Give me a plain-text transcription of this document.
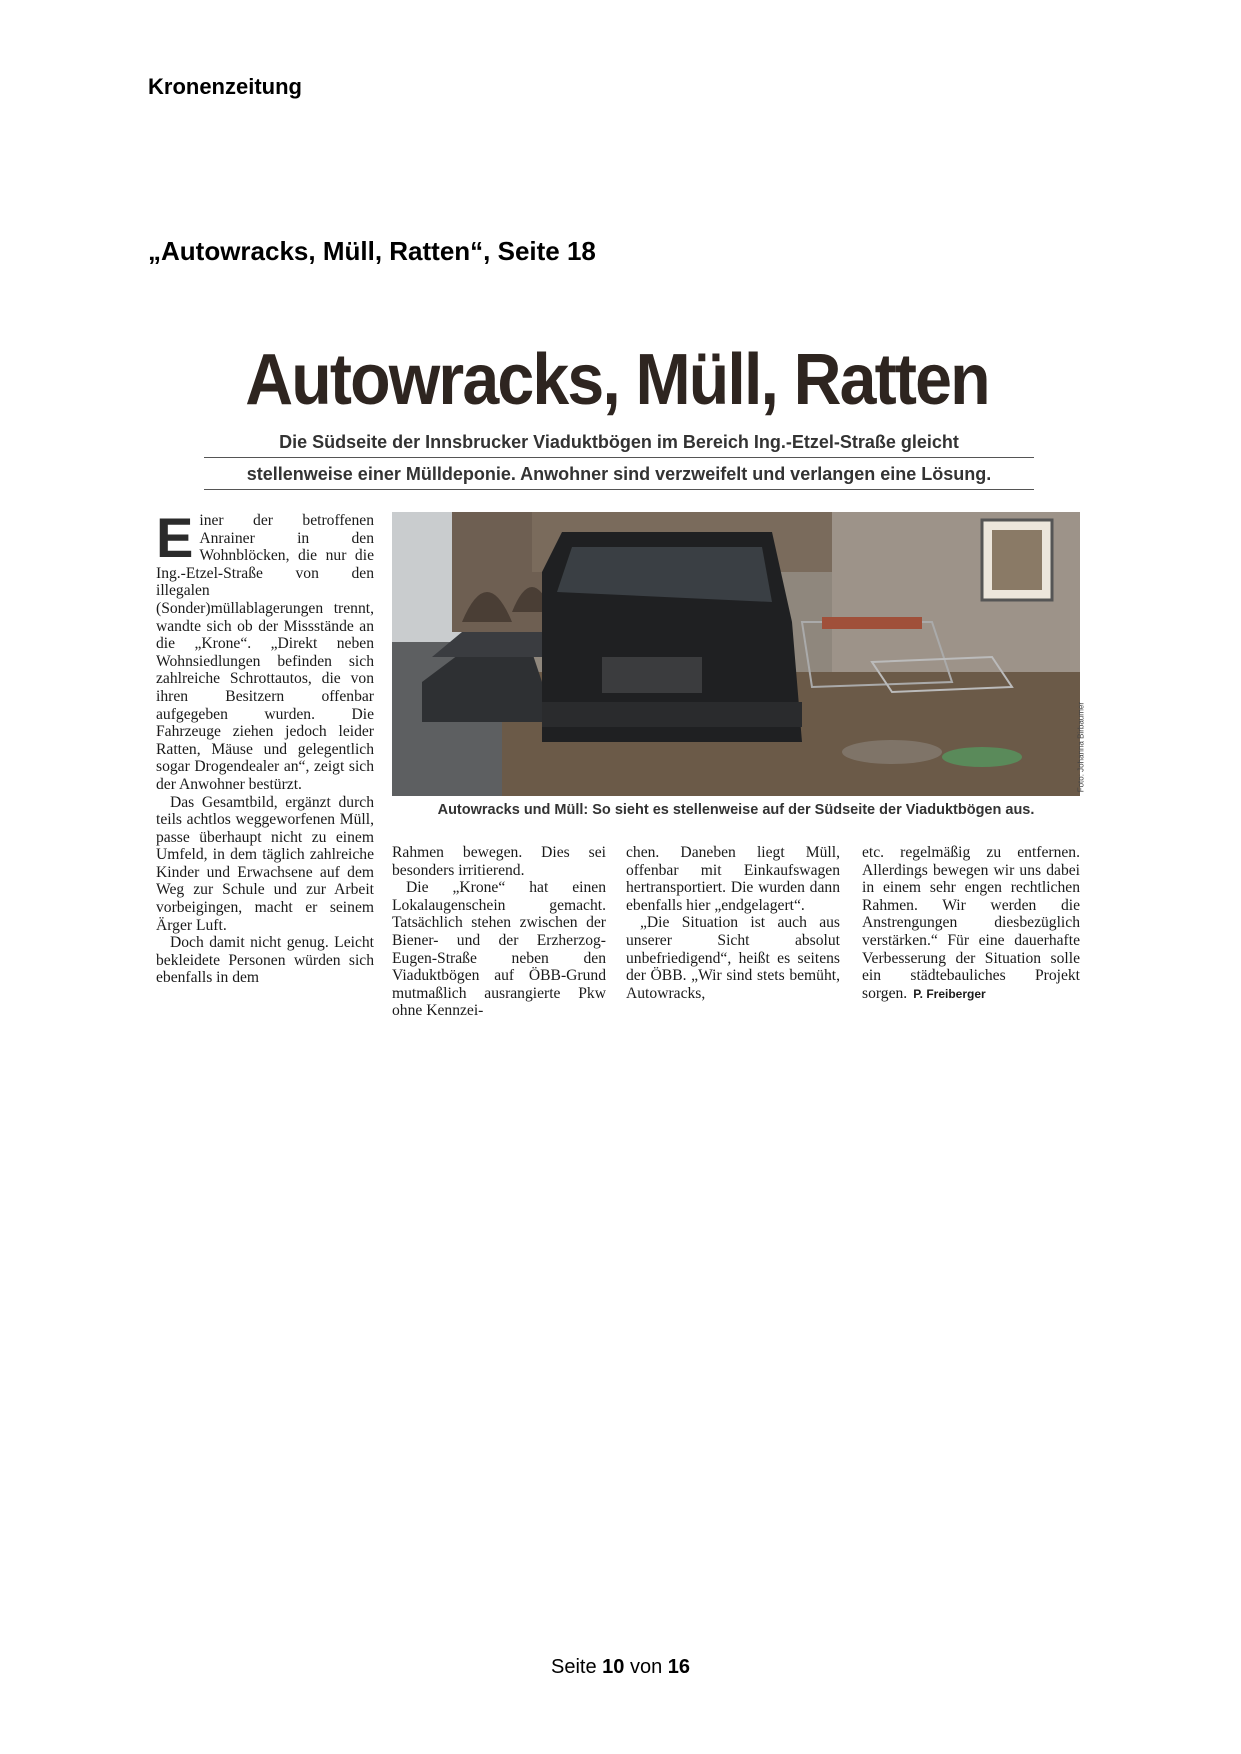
Kronenzeitung
„Autowracks, Müll, Ratten“, Seite 18
Autowracks, Müll, Ratten
Die Südseite der Innsbrucker Viaduktbögen im Bereich Ing.-Etzel-Straße gleicht
stellenweise einer Mülldeponie. Anwohner sind verzweifelt und verlangen eine Lösung.

Einer der betroffenen Anrainer in den Wohnblöcken, die nur die Ing.-Etzel-Straße von den illegalen (Sonder)müllablagerungen trennt, wandte sich ob der Missstände an die „Krone“. „Direkt neben Wohnsiedlungen befinden sich zahlreiche Schrottautos, die von ihren Besitzern offenbar aufgegeben wurden. Die Fahrzeuge ziehen jedoch leider Ratten, Mäuse und gelegentlich sogar Drogendealer an“, zeigt sich der Anwohner bestürzt.

Das Gesamtbild, ergänzt durch teils achtlos weggeworfenen Müll, passe überhaupt nicht zu einem Umfeld, in dem täglich zahlreiche Kinder und Erwachsene auf dem Weg zur Schule und zur Arbeit vorbeigingen, macht er seinem Ärger Luft.

Doch damit nicht genug. Leicht bekleidete Personen würden sich ebenfalls in dem

Foto: Johanna Birbaumer
Autowracks und Müll: So sieht es stellenweise auf der Südseite der Viaduktbögen aus.

Rahmen bewegen. Dies sei besonders irritierend.

Die „Krone“ hat einen Lokalaugenschein gemacht. Tatsächlich stehen zwischen der Biener- und der Erzherzog-Eugen-Straße neben den Viaduktbögen auf ÖBB-Grund mutmaßlich ausrangierte Pkw ohne Kennzei-

chen. Daneben liegt Müll, offenbar mit Einkaufswagen hertransportiert. Die wurden dann ebenfalls hier „endgelagert“.

„Die Situation ist auch aus unserer Sicht absolut unbefriedigend“, heißt es seitens der ÖBB. „Wir sind stets bemüht, Autowracks,

etc. regelmäßig zu entfernen. Allerdings bewegen wir uns dabei in einem sehr engen rechtlichen Rahmen. Wir werden die Anstrengungen diesbezüglich verstärken.“ Für eine dauerhafte Verbesserung der Situation solle ein städtebauliches Projekt sorgen. P. Freiberger

Seite 10 von 16
